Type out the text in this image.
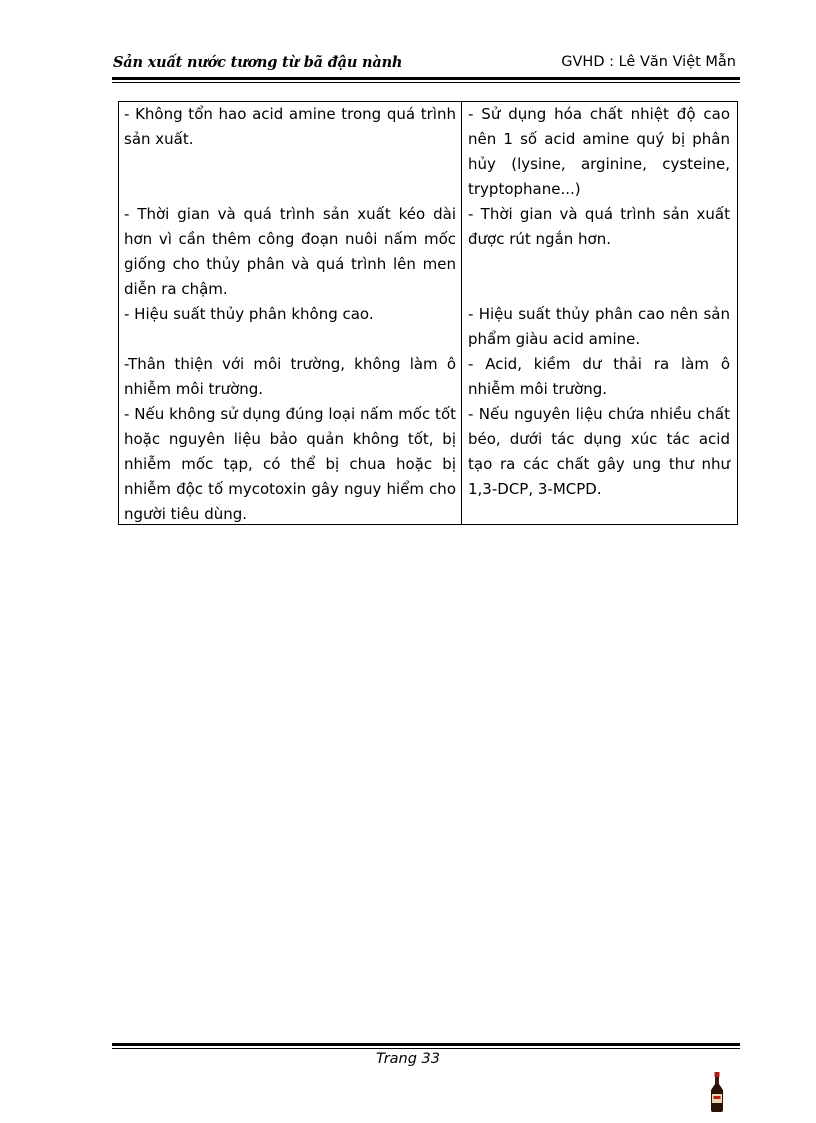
Sản xuất nước tương từ bã đậu nành	GVHD : Lê Văn Việt Mẫn
- Không tổn hao acid amine trong quá trình sản xuất.
- Sử dụng hóa chất nhiệt độ cao nên 1 số acid amine quý bị phân hủy (lysine, arginine, cysteine, tryptophane...)
- Thời gian và quá trình sản xuất kéo dài hơn vì cần thêm công đoạn nuôi nấm mốc giống cho thủy phân và quá trình lên men diễn ra chậm.
- Thời gian và quá trình sản xuất được rút ngắn hơn.
- Hiệu suất thủy phân không cao.	- Hiệu suất thủy phân cao nên sản phẩm giàu acid amine.
-Thân thiện với môi trường, không làm ô nhiễm môi trường.
- Acid, kiềm dư thải ra làm ô nhiễm môi trường.
- Nếu không sử dụng đúng loại nấm mốc tốt hoặc nguyên liệu bảo quản không tốt, bị nhiễm mốc tạp, có thể bị chua hoặc bị nhiễm độc tố mycotoxin gây nguy hiểm cho người tiêu dùng.
- Nếu nguyên liệu chứa nhiều chất béo, dưới tác dụng xúc tác acid tạo ra các chất gây ung thư như 1,3-DCP, 3-MCPD.
Trang 33
